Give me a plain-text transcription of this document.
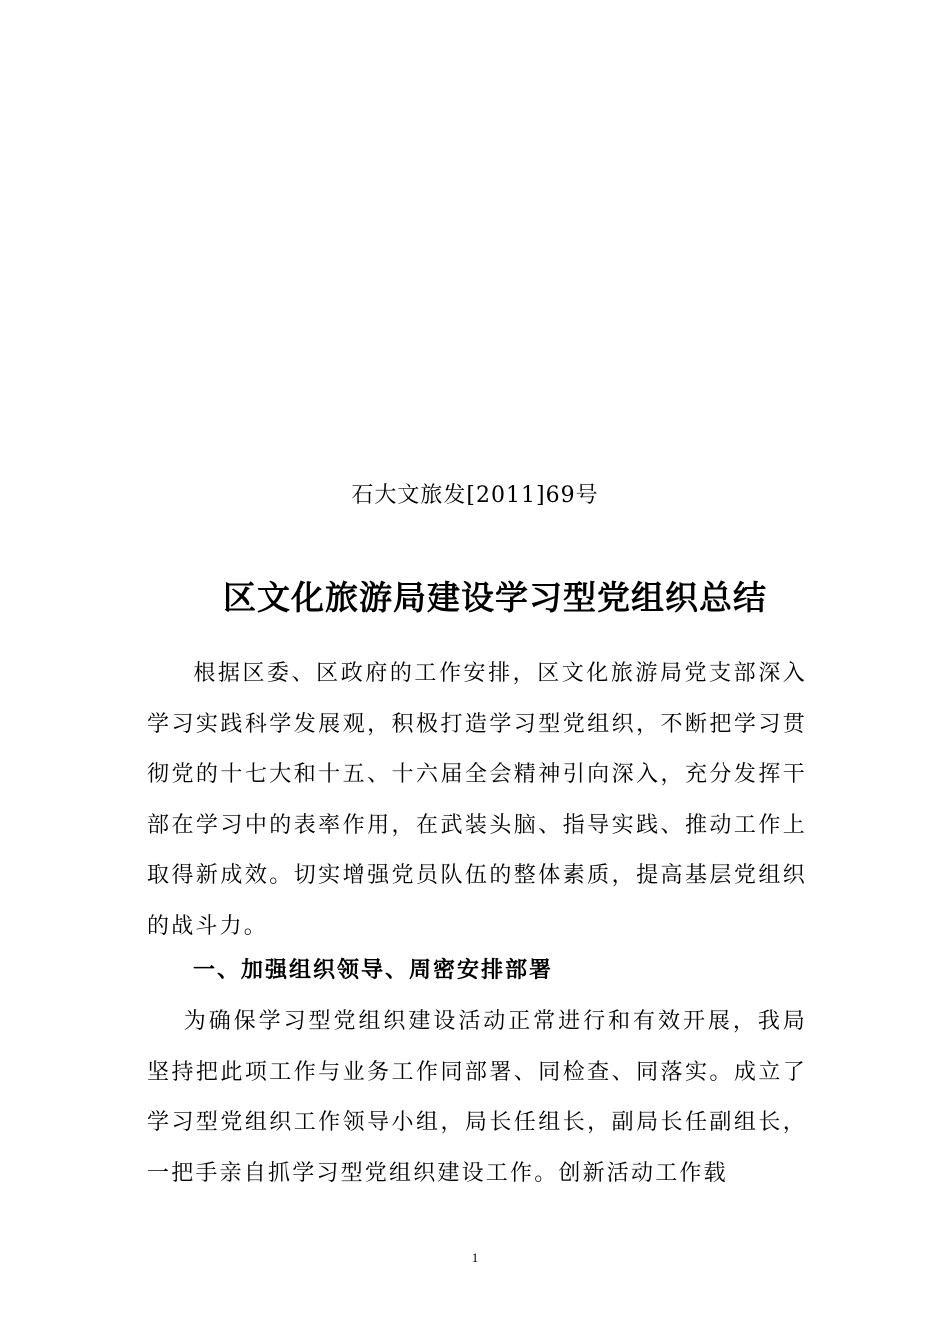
石大文旅发[2011]69号
区文化旅游局建设学习型党组织总结
根据区委、区政府的工作安排，区文化旅游局党支部深入学习实践科学发展观，积极打造学习型党组织，不断把学习贯彻党的十七大和十五、十六届全会精神引向深入，充分发挥干部在学习中的表率作用，在武装头脑、指导实践、推动工作上取得新成效。切实增强党员队伍的整体素质，提高基层党组织的战斗力。
一、加强组织领导、周密安排部署
为确保学习型党组织建设活动正常进行和有效开展，我局坚持把此项工作与业务工作同部署、同检查、同落实。成立了学习型党组织工作领导小组，局长任组长，副局长任副组长，一把手亲自抓学习型党组织建设工作。创新活动工作载
1
